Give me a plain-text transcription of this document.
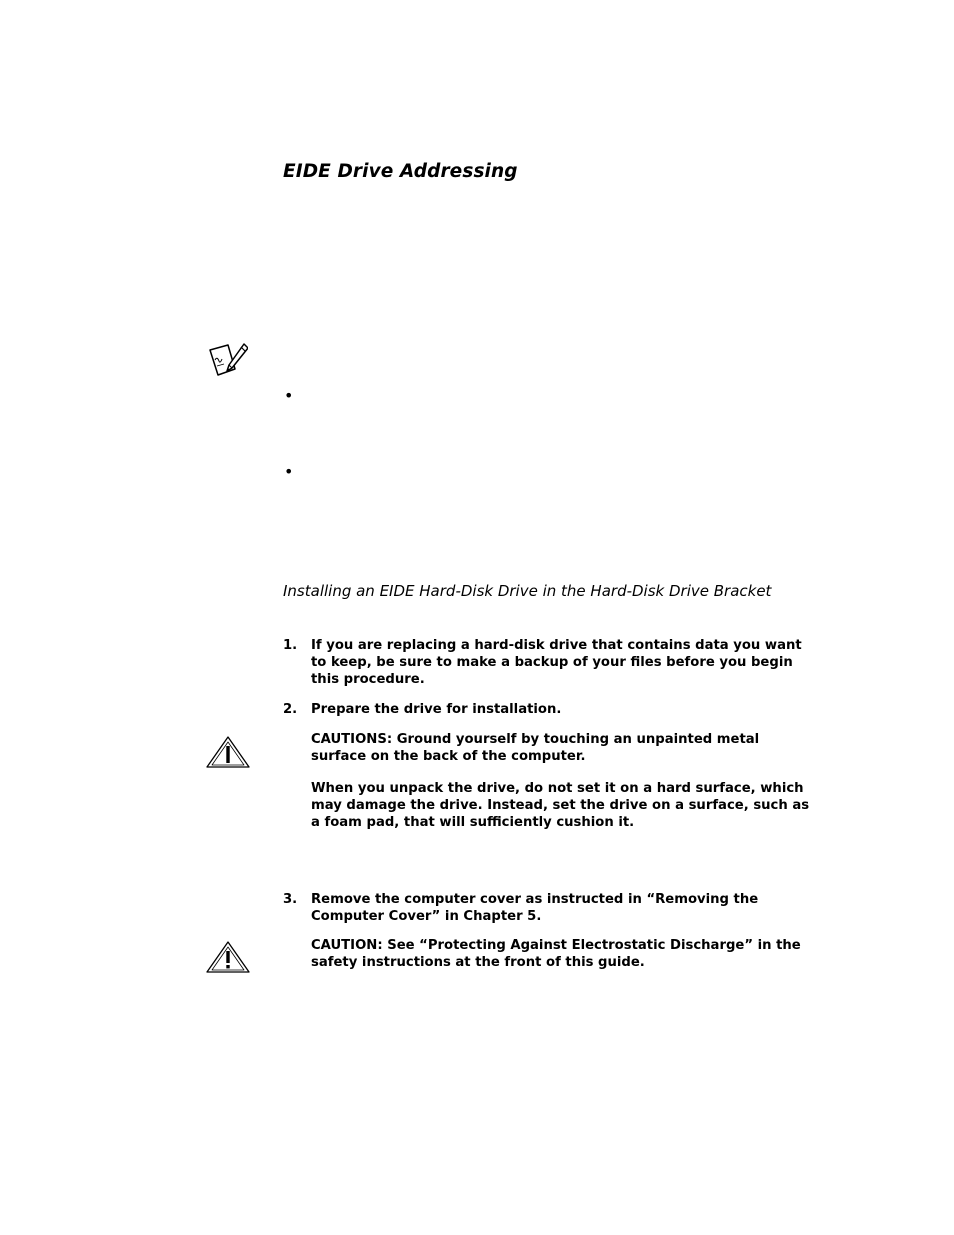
EIDE Drive Addressing
•
•
Installing an EIDE Hard-Disk Drive in the Hard-Disk Drive Bracket
1. If you are replacing a hard-disk drive that contains data you want to keep, be sure to make a backup of your files before you begin this procedure.
2. Prepare the drive for installation.
CAUTIONS: Ground yourself by touching an unpainted metal surface on the back of the computer.
When you unpack the drive, do not set it on a hard surface, which may damage the drive. Instead, set the drive on a surface, such as a foam pad, that will sufficiently cushion it.
3. Remove the computer cover as instructed in “Removing the Computer Cover” in Chapter 5.
CAUTION: See “Protecting Against Electrostatic Discharge” in the safety instructions at the front of this guide.
